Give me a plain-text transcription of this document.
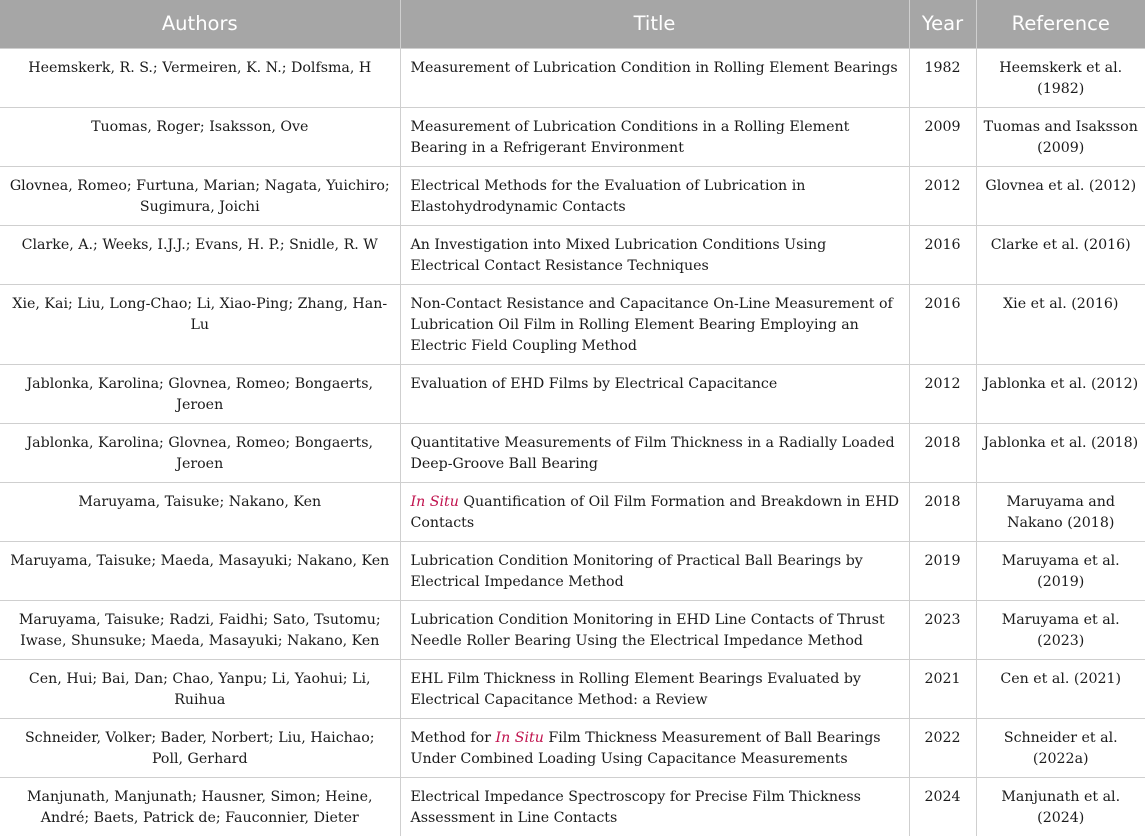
Authors	Title	Year	Reference
Heemskerk, R. S.; Vermeiren, K. N.; Dolfsma, H	Measurement of Lubrication Condition in Rolling Element Bearings	1982	Heemskerk et al. (1982)
Tuomas, Roger; Isaksson, Ove	Measurement of Lubrication Conditions in a Rolling Element Bearing in a Refrigerant Environment	2009	Tuomas and Isaksson (2009)
Glovnea, Romeo; Furtuna, Marian; Nagata, Yuichiro; Sugimura, Joichi	Electrical Methods for the Evaluation of Lubrication in Elastohydrodynamic Contacts	2012	Glovnea et al. (2012)
Clarke, A.; Weeks, I.J.J.; Evans, H. P.; Snidle, R. W	An Investigation into Mixed Lubrication Conditions Using Electrical Contact Resistance Techniques	2016	Clarke et al. (2016)
Xie, Kai; Liu, Long-Chao; Li, Xiao-Ping; Zhang, Han-Lu	Non-Contact Resistance and Capacitance On-Line Measurement of Lubrication Oil Film in Rolling Element Bearing Employing an Electric Field Coupling Method	2016	Xie et al. (2016)
Jablonka, Karolina; Glovnea, Romeo; Bongaerts, Jeroen	Evaluation of EHD Films by Electrical Capacitance	2012	Jablonka et al. (2012)
Jablonka, Karolina; Glovnea, Romeo; Bongaerts, Jeroen	Quantitative Measurements of Film Thickness in a Radially Loaded Deep-Groove Ball Bearing	2018	Jablonka et al. (2018)
Maruyama, Taisuke; Nakano, Ken	In Situ Quantification of Oil Film Formation and Breakdown in EHD Contacts	2018	Maruyama and Nakano (2018)
Maruyama, Taisuke; Maeda, Masayuki; Nakano, Ken	Lubrication Condition Monitoring of Practical Ball Bearings by Electrical Impedance Method	2019	Maruyama et al. (2019)
Maruyama, Taisuke; Radzi, Faidhi; Sato, Tsutomu; Iwase, Shunsuke; Maeda, Masayuki; Nakano, Ken	Lubrication Condition Monitoring in EHD Line Contacts of Thrust Needle Roller Bearing Using the Electrical Impedance Method	2023	Maruyama et al. (2023)
Cen, Hui; Bai, Dan; Chao, Yanpu; Li, Yaohui; Li, Ruihua	EHL Film Thickness in Rolling Element Bearings Evaluated by Electrical Capacitance Method: a Review	2021	Cen et al. (2021)
Schneider, Volker; Bader, Norbert; Liu, Haichao; Poll, Gerhard	Method for In Situ Film Thickness Measurement of Ball Bearings Under Combined Loading Using Capacitance Measurements	2022	Schneider et al. (2022a)
Manjunath, Manjunath; Hausner, Simon; Heine, André; Baets, Patrick de; Fauconnier, Dieter	Electrical Impedance Spectroscopy for Precise Film Thickness Assessment in Line Contacts	2024	Manjunath et al. (2024)
